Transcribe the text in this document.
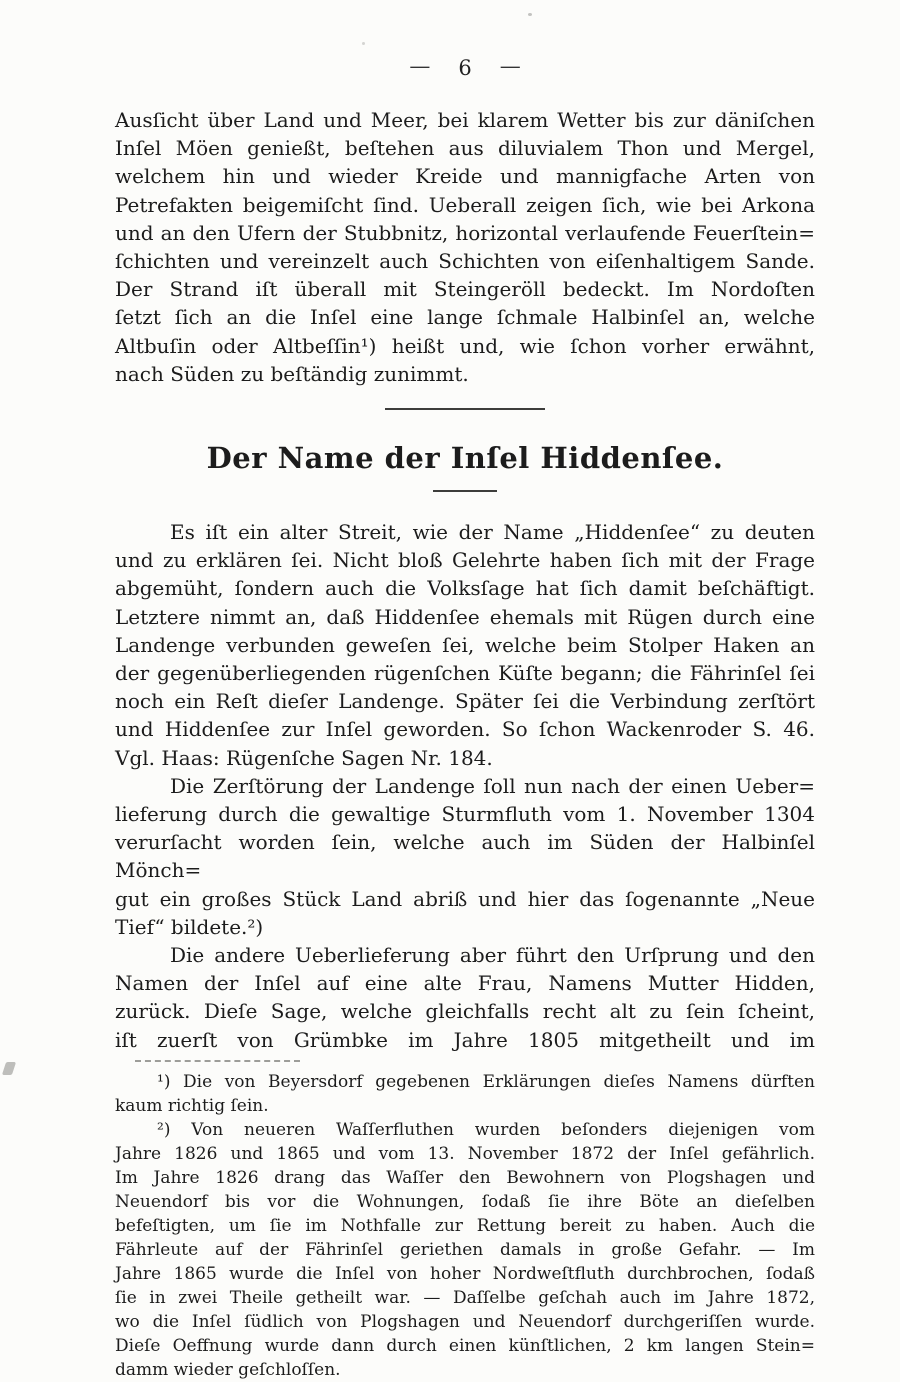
— 6 —
Ausſicht über Land und Meer, bei klarem Wetter bis zur däniſchen
Inſel Möen genießt, beſtehen aus diluvialem Thon und Mergel,
welchem hin und wieder Kreide und mannigfache Arten von
Petrefakten beigemiſcht ſind. Ueberall zeigen ſich, wie bei Arkona
und an den Ufern der Stubbnitz, horizontal verlaufende Feuerſtein=
ſchichten und vereinzelt auch Schichten von eiſenhaltigem Sande.
Der Strand iſt überall mit Steingeröll bedeckt. Im Nordoſten
ſetzt ſich an die Inſel eine lange ſchmale Halbinſel an, welche
Altbuſin oder Altbeſſin¹) heißt und, wie ſchon vorher erwähnt,
nach Süden zu beſtändig zunimmt.
Der Name der Inſel Hiddenſee.
Es iſt ein alter Streit, wie der Name „Hiddenſee“ zu deuten
und zu erklären ſei. Nicht bloß Gelehrte haben ſich mit der Frage
abgemüht, ſondern auch die Volksſage hat ſich damit beſchäftigt.
Letztere nimmt an, daß Hiddenſee ehemals mit Rügen durch eine
Landenge verbunden geweſen ſei, welche beim Stolper Haken an
der gegenüberliegenden rügenſchen Küſte begann; die Fährinſel ſei
noch ein Reſt dieſer Landenge. Später ſei die Verbindung zerſtört
und Hiddenſee zur Inſel geworden. So ſchon Wackenroder S. 46.
Vgl. Haas: Rügenſche Sagen Nr. 184.
Die Zerſtörung der Landenge ſoll nun nach der einen Ueber=
lieferung durch die gewaltige Sturmfluth vom 1. November 1304
verurſacht worden ſein, welche auch im Süden der Halbinſel Mönch=
gut ein großes Stück Land abriß und hier das ſogenannte „Neue
Tief“ bildete.²)
Die andere Ueberlieferung aber führt den Urſprung und den
Namen der Inſel auf eine alte Frau, Namens Mutter Hidden,
zurück. Dieſe Sage, welche gleichfalls recht alt zu ſein ſcheint,
iſt zuerſt von Grümbke im Jahre 1805 mitgetheilt und im
¹) Die von Beyersdorf gegebenen Erklärungen dieſes Namens dürften
kaum richtig ſein.
²) Von neueren Waſſerfluthen wurden beſonders diejenigen vom
Jahre 1826 und 1865 und vom 13. November 1872 der Inſel gefährlich.
Im Jahre 1826 drang das Waſſer den Bewohnern von Plogshagen und
Neuendorf bis vor die Wohnungen, ſodaß ſie ihre Böte an dieſelben
befeſtigten, um ſie im Nothfalle zur Rettung bereit zu haben. Auch die
Fährleute auf der Fährinſel geriethen damals in große Gefahr. — Im
Jahre 1865 wurde die Inſel von hoher Nordweſtfluth durchbrochen, ſodaß
ſie in zwei Theile getheilt war. — Daſſelbe geſchah auch im Jahre 1872,
wo die Inſel ſüdlich von Plogshagen und Neuendorf durchgeriſſen wurde.
Dieſe Oeffnung wurde dann durch einen künſtlichen, 2 km langen Stein=
damm wieder geſchloſſen.
